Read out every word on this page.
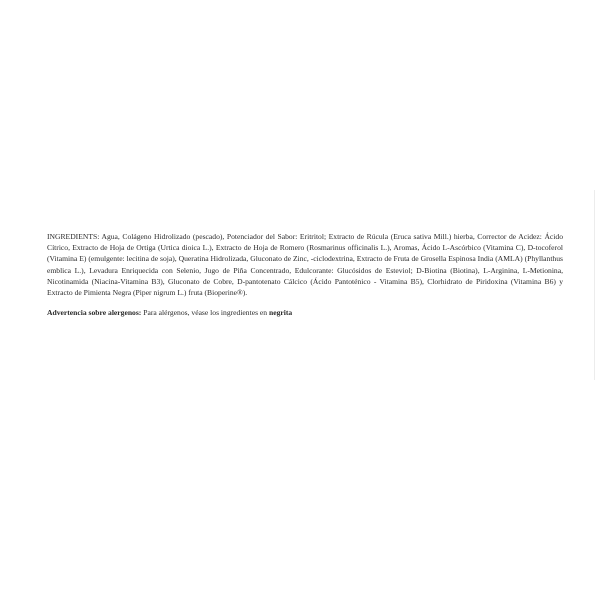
INGREDIENTS: Agua, Colágeno Hidrolizado (pescado), Potenciador del Sabor: Eritritol; Extracto de Rúcula (Eruca sativa Mill.) hierba, Corrector de Acidez: Ácido Cítrico, Extracto de Hoja de Ortiga (Urtica dioica L.), Extracto de Hoja de Romero (Rosmarinus officinalis L.), Aromas, Ácido L-Ascórbico (Vitamina C), D-tocoferol (Vitamina E) (emulgente: lecitina de soja), Queratina Hidrolizada, Gluconato de Zinc, -ciclodextrina, Extracto de Fruta de Grosella Espinosa India (AMLA) (Phyllanthus emblica L.), Levadura Enriquecida con Selenio, Jugo de Piña Concentrado, Edulcorante: Glucósidos de Esteviol; D-Biotina (Biotina), L-Arginina, L-Metionina, Nicotinamida (Niacina-Vitamina B3), Gluconato de Cobre, D-pantotenato Cálcico (Ácido Pantoténico - Vitamina B5), Clorhidrato de Piridoxina (Vitamina B6) y Extracto de Pimienta Negra (Piper nigrum L.) fruta (Bioperine®).

Advertencia sobre alergenos: Para alérgenos, véase los ingredientes en negrita
